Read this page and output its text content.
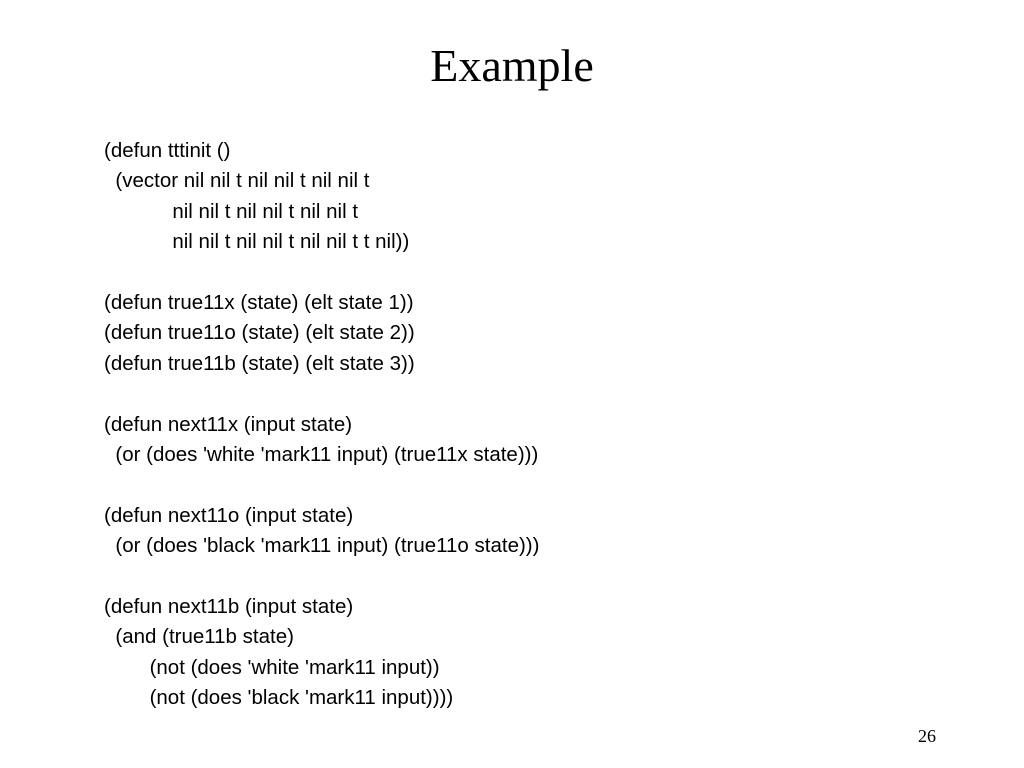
Example
(defun tttinit ()
(vector nil nil t nil nil t nil nil t
nil nil t nil nil t nil nil t
nil nil t nil nil t nil nil t t nil))
(defun true11x (state) (elt state 1))
(defun true11o (state) (elt state 2))
(defun true11b (state) (elt state 3))
(defun next11x (input state)
(or (does 'white 'mark11 input) (true11x state)))
(defun next11o (input state)
(or (does 'black 'mark11 input) (true11o state)))
(defun next11b (input state)
(and (true11b state)
(not (does 'white 'mark11 input))
(not (does 'black 'mark11 input))))
26
